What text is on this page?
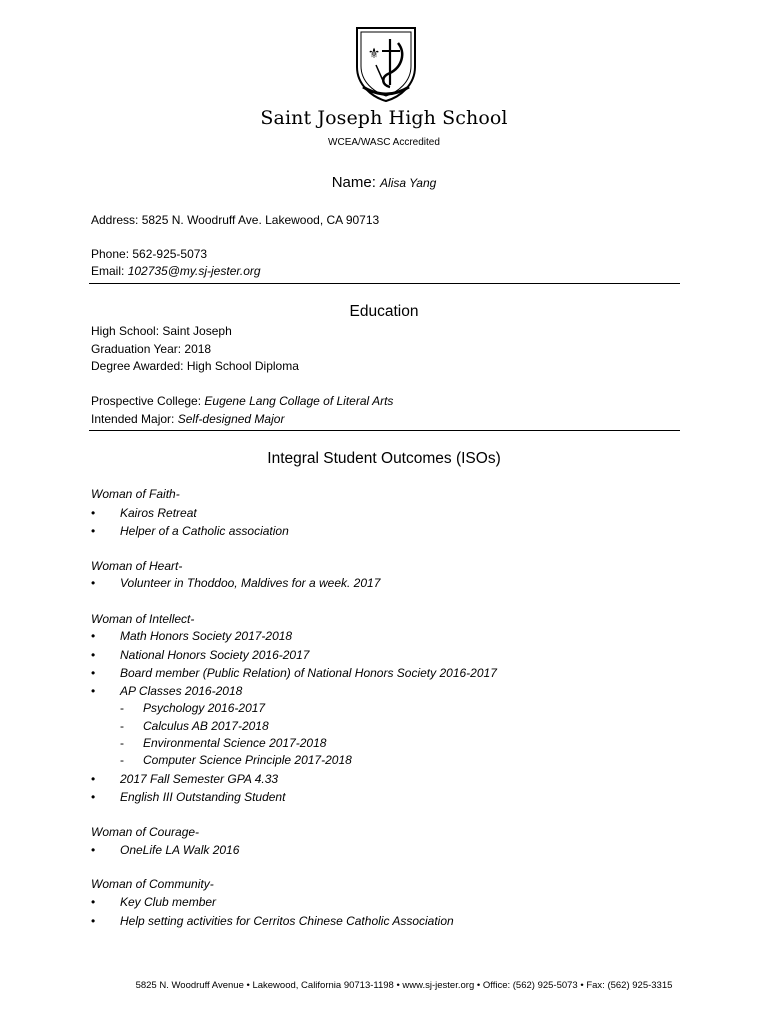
⚜
Saint Joseph High School
WCEA/WASC Accredited
Name: Alisa Yang
Address: 5825 N. Woodruff Ave. Lakewood, CA 90713
Phone: 562-925-5073
Email: 102735@my.sj-jester.org
Education
High School: Saint Joseph
Graduation Year: 2018
Degree Awarded: High School Diploma
Prospective College: Eugene Lang Collage of Literal Arts
Intended Major: Self-designed Major
Integral Student Outcomes (ISOs)
Woman of Faith-
• Kairos Retreat
• Helper of a Catholic association
Woman of Heart-
• Volunteer in Thoddoo, Maldives for a week. 2017
Woman of Intellect-
• Math Honors Society 2017-2018
• National Honors Society 2016-2017
• Board member (Public Relation) of National Honors Society 2016-2017
• AP Classes 2016-2018
- Psychology 2016-2017
- Calculus AB 2017-2018
- Environmental Science 2017-2018
- Computer Science Principle 2017-2018
• 2017 Fall Semester GPA 4.33
• English III Outstanding Student
Woman of Courage-
• OneLife LA Walk 2016
Woman of Community-
• Key Club member
• Help setting activities for Cerritos Chinese Catholic Association
5825 N. Woodruff Avenue • Lakewood, California 90713-1198 • www.sj-jester.org • Office: (562) 925-5073 • Fax: (562) 925-3315
